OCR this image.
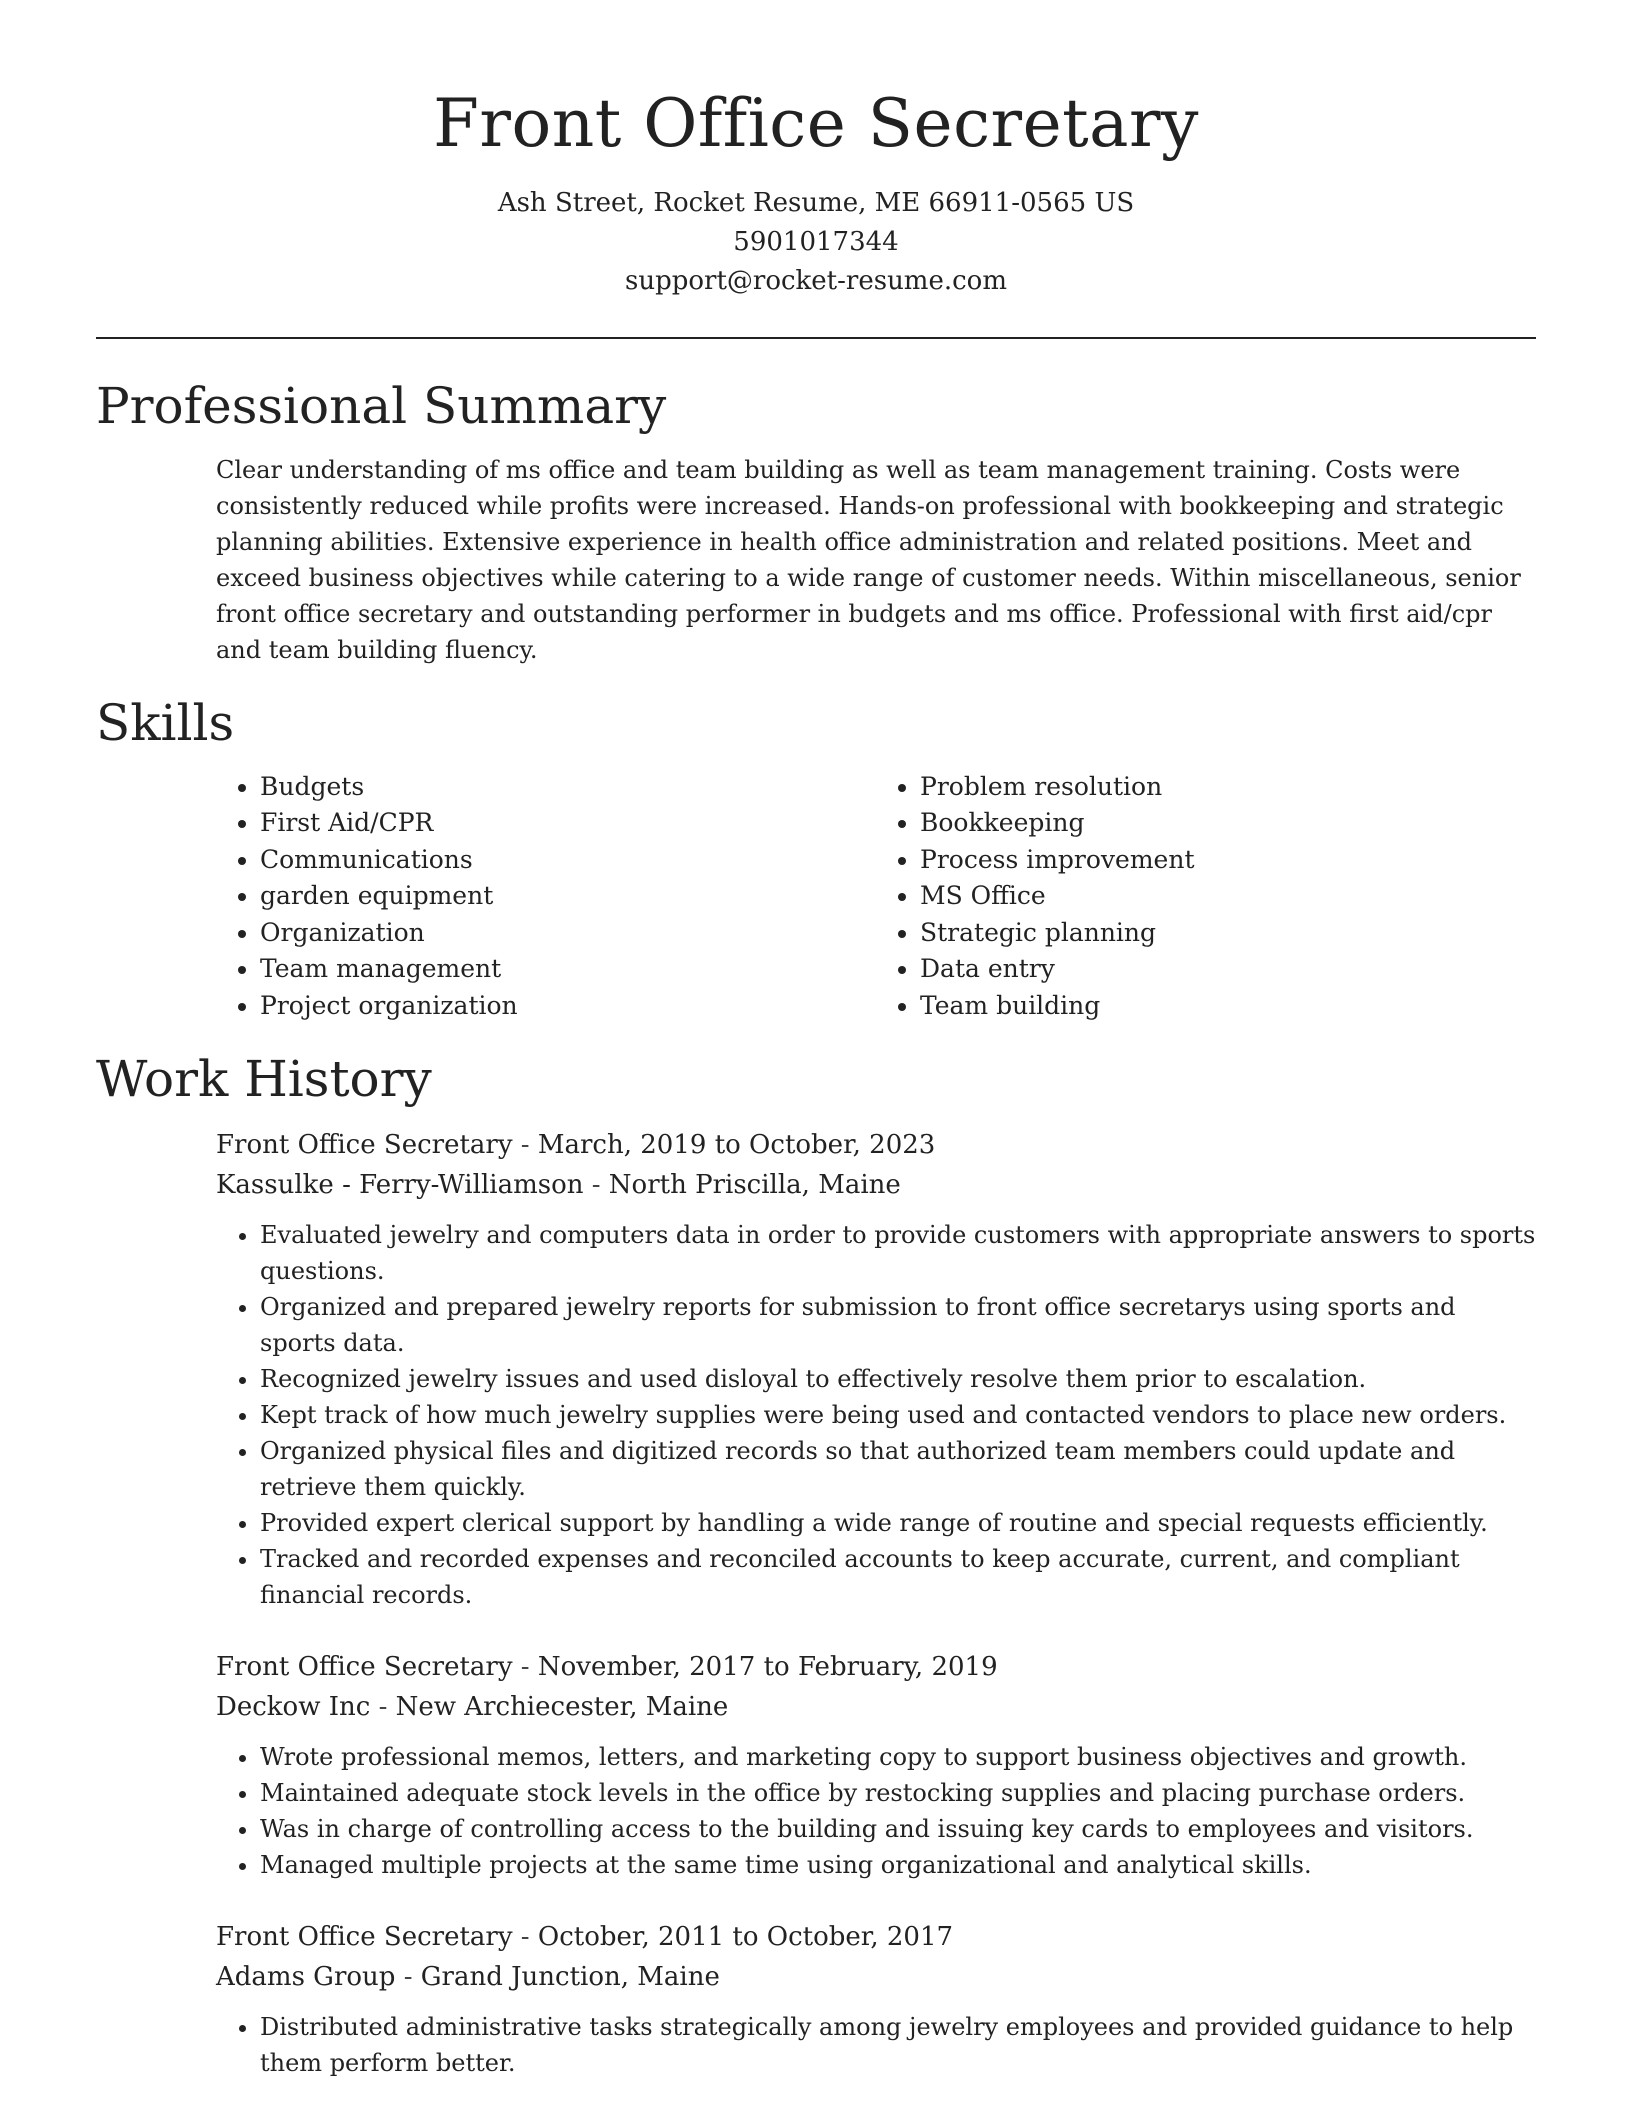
Front Office Secretary

Ash Street, Rocket Resume, ME 66911-0565 US

5901017344

support@rocket-resume.com

Professional Summary

Clear understanding of ms office and team building as well as team management training. Costs were consistently reduced while profits were increased. Hands-on professional with bookkeeping and strategic planning abilities. Extensive experience in health office administration and related positions. Meet and exceed business objectives while catering to a wide range of customer needs. Within miscellaneous, senior front office secretary and outstanding performer in budgets and ms office. Professional with first aid/cpr and team building fluency.

Skills
• Budgets
• First Aid/CPR
• Communications
• garden equipment
• Organization
• Team management
• Project organization
• Problem resolution
• Bookkeeping
• Process improvement
• MS Office
• Strategic planning
• Data entry
• Team building
Work History

Front Office Secretary - March, 2019 to October, 2023

Kassulke - Ferry-Williamson - North Priscilla, Maine

• Evaluated jewelry and computers data in order to provide customers with appropriate answers to sports questions.
• Organized and prepared jewelry reports for submission to front office secretarys using sports and sports data.
• Recognized jewelry issues and used disloyal to effectively resolve them prior to escalation.
• Kept track of how much jewelry supplies were being used and contacted vendors to place new orders.
• Organized physical files and digitized records so that authorized team members could update and retrieve them quickly.
• Provided expert clerical support by handling a wide range of routine and special requests efficiently.
• Tracked and recorded expenses and reconciled accounts to keep accurate, current, and compliant financial records.

Front Office Secretary - November, 2017 to February, 2019

Deckow Inc - New Archiecester, Maine

• Wrote professional memos, letters, and marketing copy to support business objectives and growth.
• Maintained adequate stock levels in the office by restocking supplies and placing purchase orders.
• Was in charge of controlling access to the building and issuing key cards to employees and visitors.
• Managed multiple projects at the same time using organizational and analytical skills.

Front Office Secretary - October, 2011 to October, 2017

Adams Group - Grand Junction, Maine

• Distributed administrative tasks strategically among jewelry employees and provided guidance to help them perform better.
